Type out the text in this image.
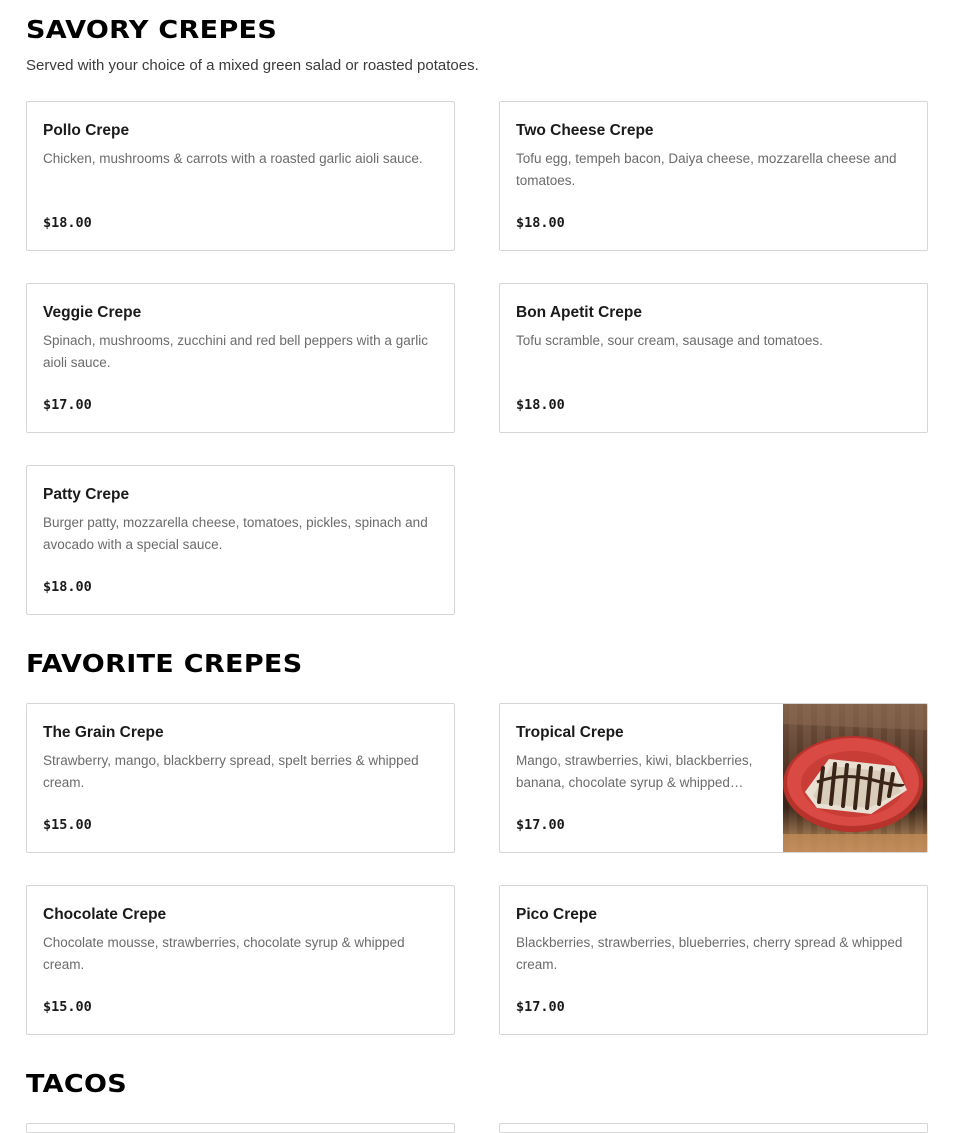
SAVORY CREPES

Served with your choice of a mixed green salad or roasted potatoes.

Pollo Crepe
Chicken, mushrooms & carrots with a roasted garlic aioli sauce.
$18.00
Two Cheese Crepe
Tofu egg, tempeh bacon, Daiya cheese, mozzarella cheese and tomatoes.
$18.00
Veggie Crepe
Spinach, mushrooms, zucchini and red bell peppers with a garlic aioli sauce.
$17.00
Bon Apetit Crepe
Tofu scramble, sour cream, sausage and tomatoes.
$18.00
Patty Crepe
Burger patty, mozzarella cheese, tomatoes, pickles, spinach and avocado with a special sauce.
$18.00
FAVORITE CREPES
The Grain Crepe
Strawberry, mango, blackberry spread, spelt berries & whipped cream.
$15.00
Tropical Crepe
Mango, strawberries, kiwi, blackberries, banana, chocolate syrup & whipped…
$17.00
Chocolate Crepe
Chocolate mousse, strawberries, chocolate syrup & whipped cream.
$15.00
Pico Crepe
Blackberries, strawberries, blueberries, cherry spread & whipped cream.
$17.00
TACOS
